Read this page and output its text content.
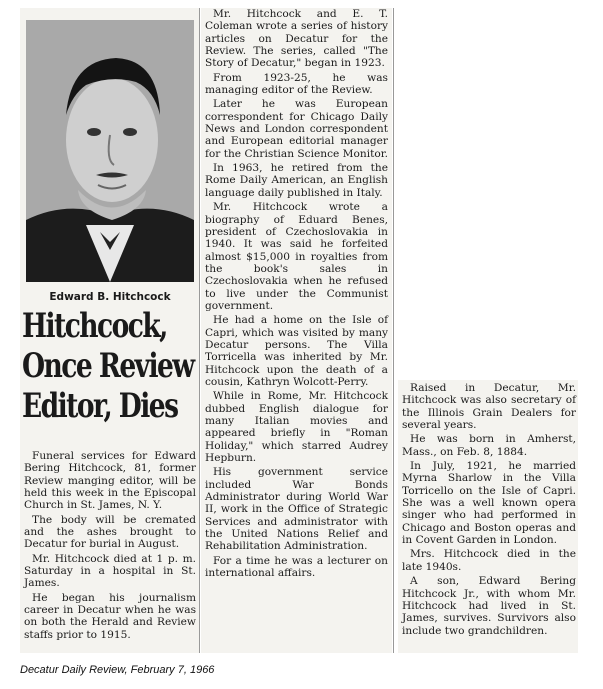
Edward B. Hitchcock
Hitchcock,
Once Review
Editor, Dies

Funeral services for Edward Bering Hitchcock, 81, former Review manging editor, will be held this week in the Episcopal Church in St. James, N. Y.

The body will be cremated and the ashes brought to Decatur for burial in August.

Mr. Hitchcock died at 1 p. m. Saturday in a hospital in St. James.

He began his journalism career in Decatur when he was on both the Herald and Review staffs prior to 1915.

Mr. Hitchcock and E. T. Coleman wrote a series of history articles on Decatur for the Review. The series, called "The Story of Decatur," began in 1923.

From 1923-25, he was managing editor of the Review.

Later he was European correspondent for Chicago Daily News and London correspondent and European editorial manager for the Christian Science Monitor.

In 1963, he retired from the Rome Daily American, an English language daily published in Italy.

Mr. Hitchcock wrote a biography of Eduard Benes, president of Czechoslovakia in 1940. It was said he forfeited almost $15,000 in royalties from the book's sales in Czechoslovakia when he refused to live under the Communist government.

He had a home on the Isle of Capri, which was visited by many Decatur persons. The Villa Torricella was inherited by Mr. Hitchcock upon the death of a cousin, Kathryn Wolcott-Perry.

While in Rome, Mr. Hitchcock dubbed English dialogue for many Italian movies and appeared briefly in "Roman Holiday," which starred Audrey Hepburn.

His government service included War Bonds Administrator during World War II, work in the Office of Strategic Services and administrator with the United Nations Relief and Rehabilitation Administration.

For a time he was a lecturer on international affairs.

Raised in Decatur, Mr. Hitchcock was also secretary of the Illinois Grain Dealers for several years.

He was born in Amherst, Mass., on Feb. 8, 1884.

In July, 1921, he married Myrna Sharlow in the Villa Torricello on the Isle of Capri. She was a well known opera singer who had performed in Chicago and Boston operas and in Covent Garden in London.

Mrs. Hitchcock died in the late 1940s.

A son, Edward Bering Hitchcock Jr., with whom Mr. Hitchcock had lived in St. James, survives. Survivors also include two grandchildren.

Decatur Daily Review, February 7, 1966
